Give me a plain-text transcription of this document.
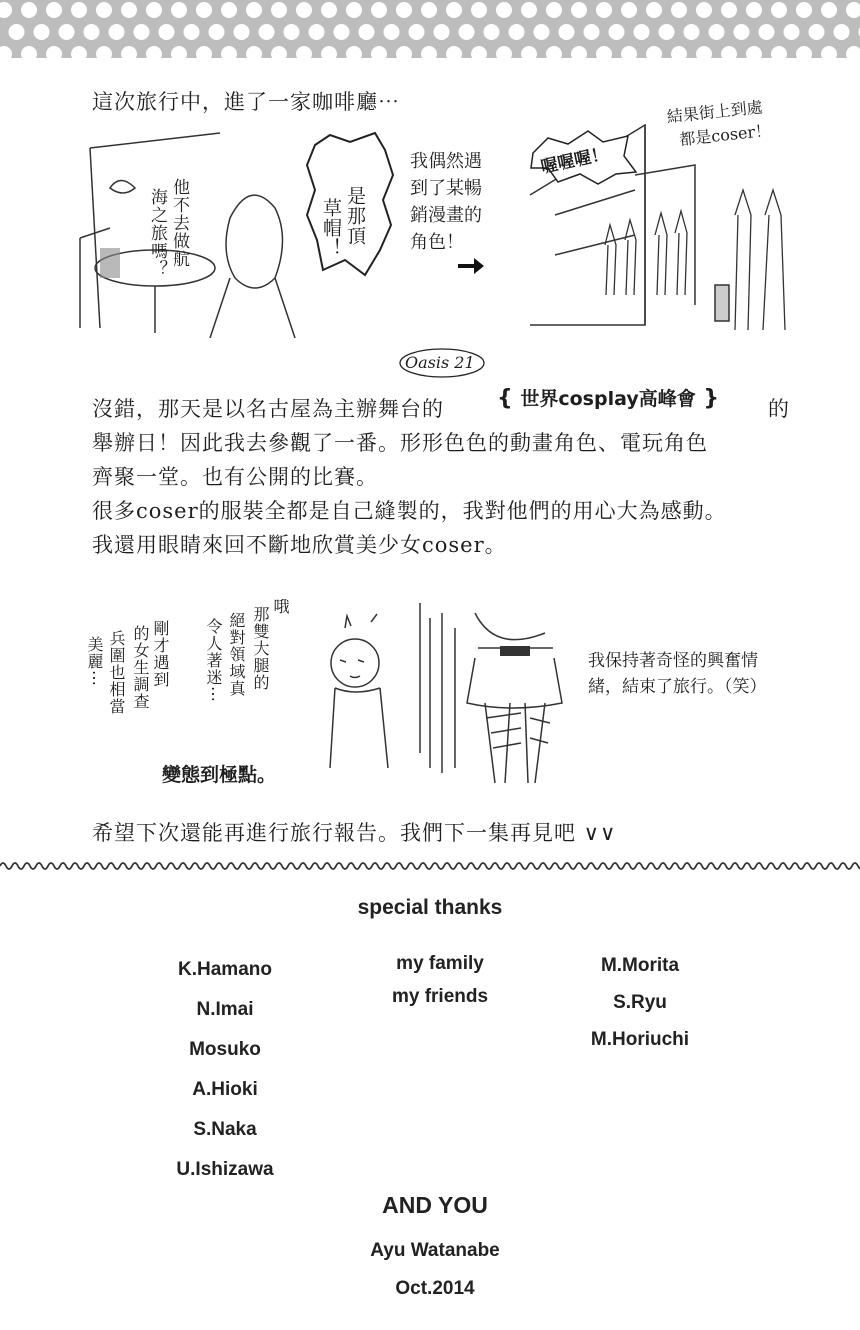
這次旅行中，進了一家咖啡廳⋯
他不去做航
海之旅嗎？	是那頂
草帽！
我偶然遇
到了某暢
銷漫畫的
角色！
喔喔喔！
結果街上到處
都是coser！
Oasis 21
沒錯，那天是以名古屋為主辦舞台的 { 世界cosplay高峰會 } 的
舉辦日！因此我去參觀了一番。形形色色的動畫角色、電玩角色
齊聚一堂。也有公開的比賽。
很多coser的服裝全都是自己縫製的，我對他們的用心大為感動。
我還用眼睛來回不斷地欣賞美少女coser。
剛才遇到
的女生調查
兵圍也相當
美麗⋯
哦
那雙大腿的
絕對領域真
令人著迷⋯
變態到極點。
我保持著奇怪的興奮情
緒，結束了旅行。（笑）
希望下次還能再進行旅行報告。我們下一集再見吧 ∨∨
special thanks
K.Hamano
N.Imai
Mosuko
A.Hioki
S.Naka
U.Ishizawa
my family
my friends
M.Morita
S.Ryu
M.Horiuchi
AND YOU
Ayu Watanabe
Oct.2014
